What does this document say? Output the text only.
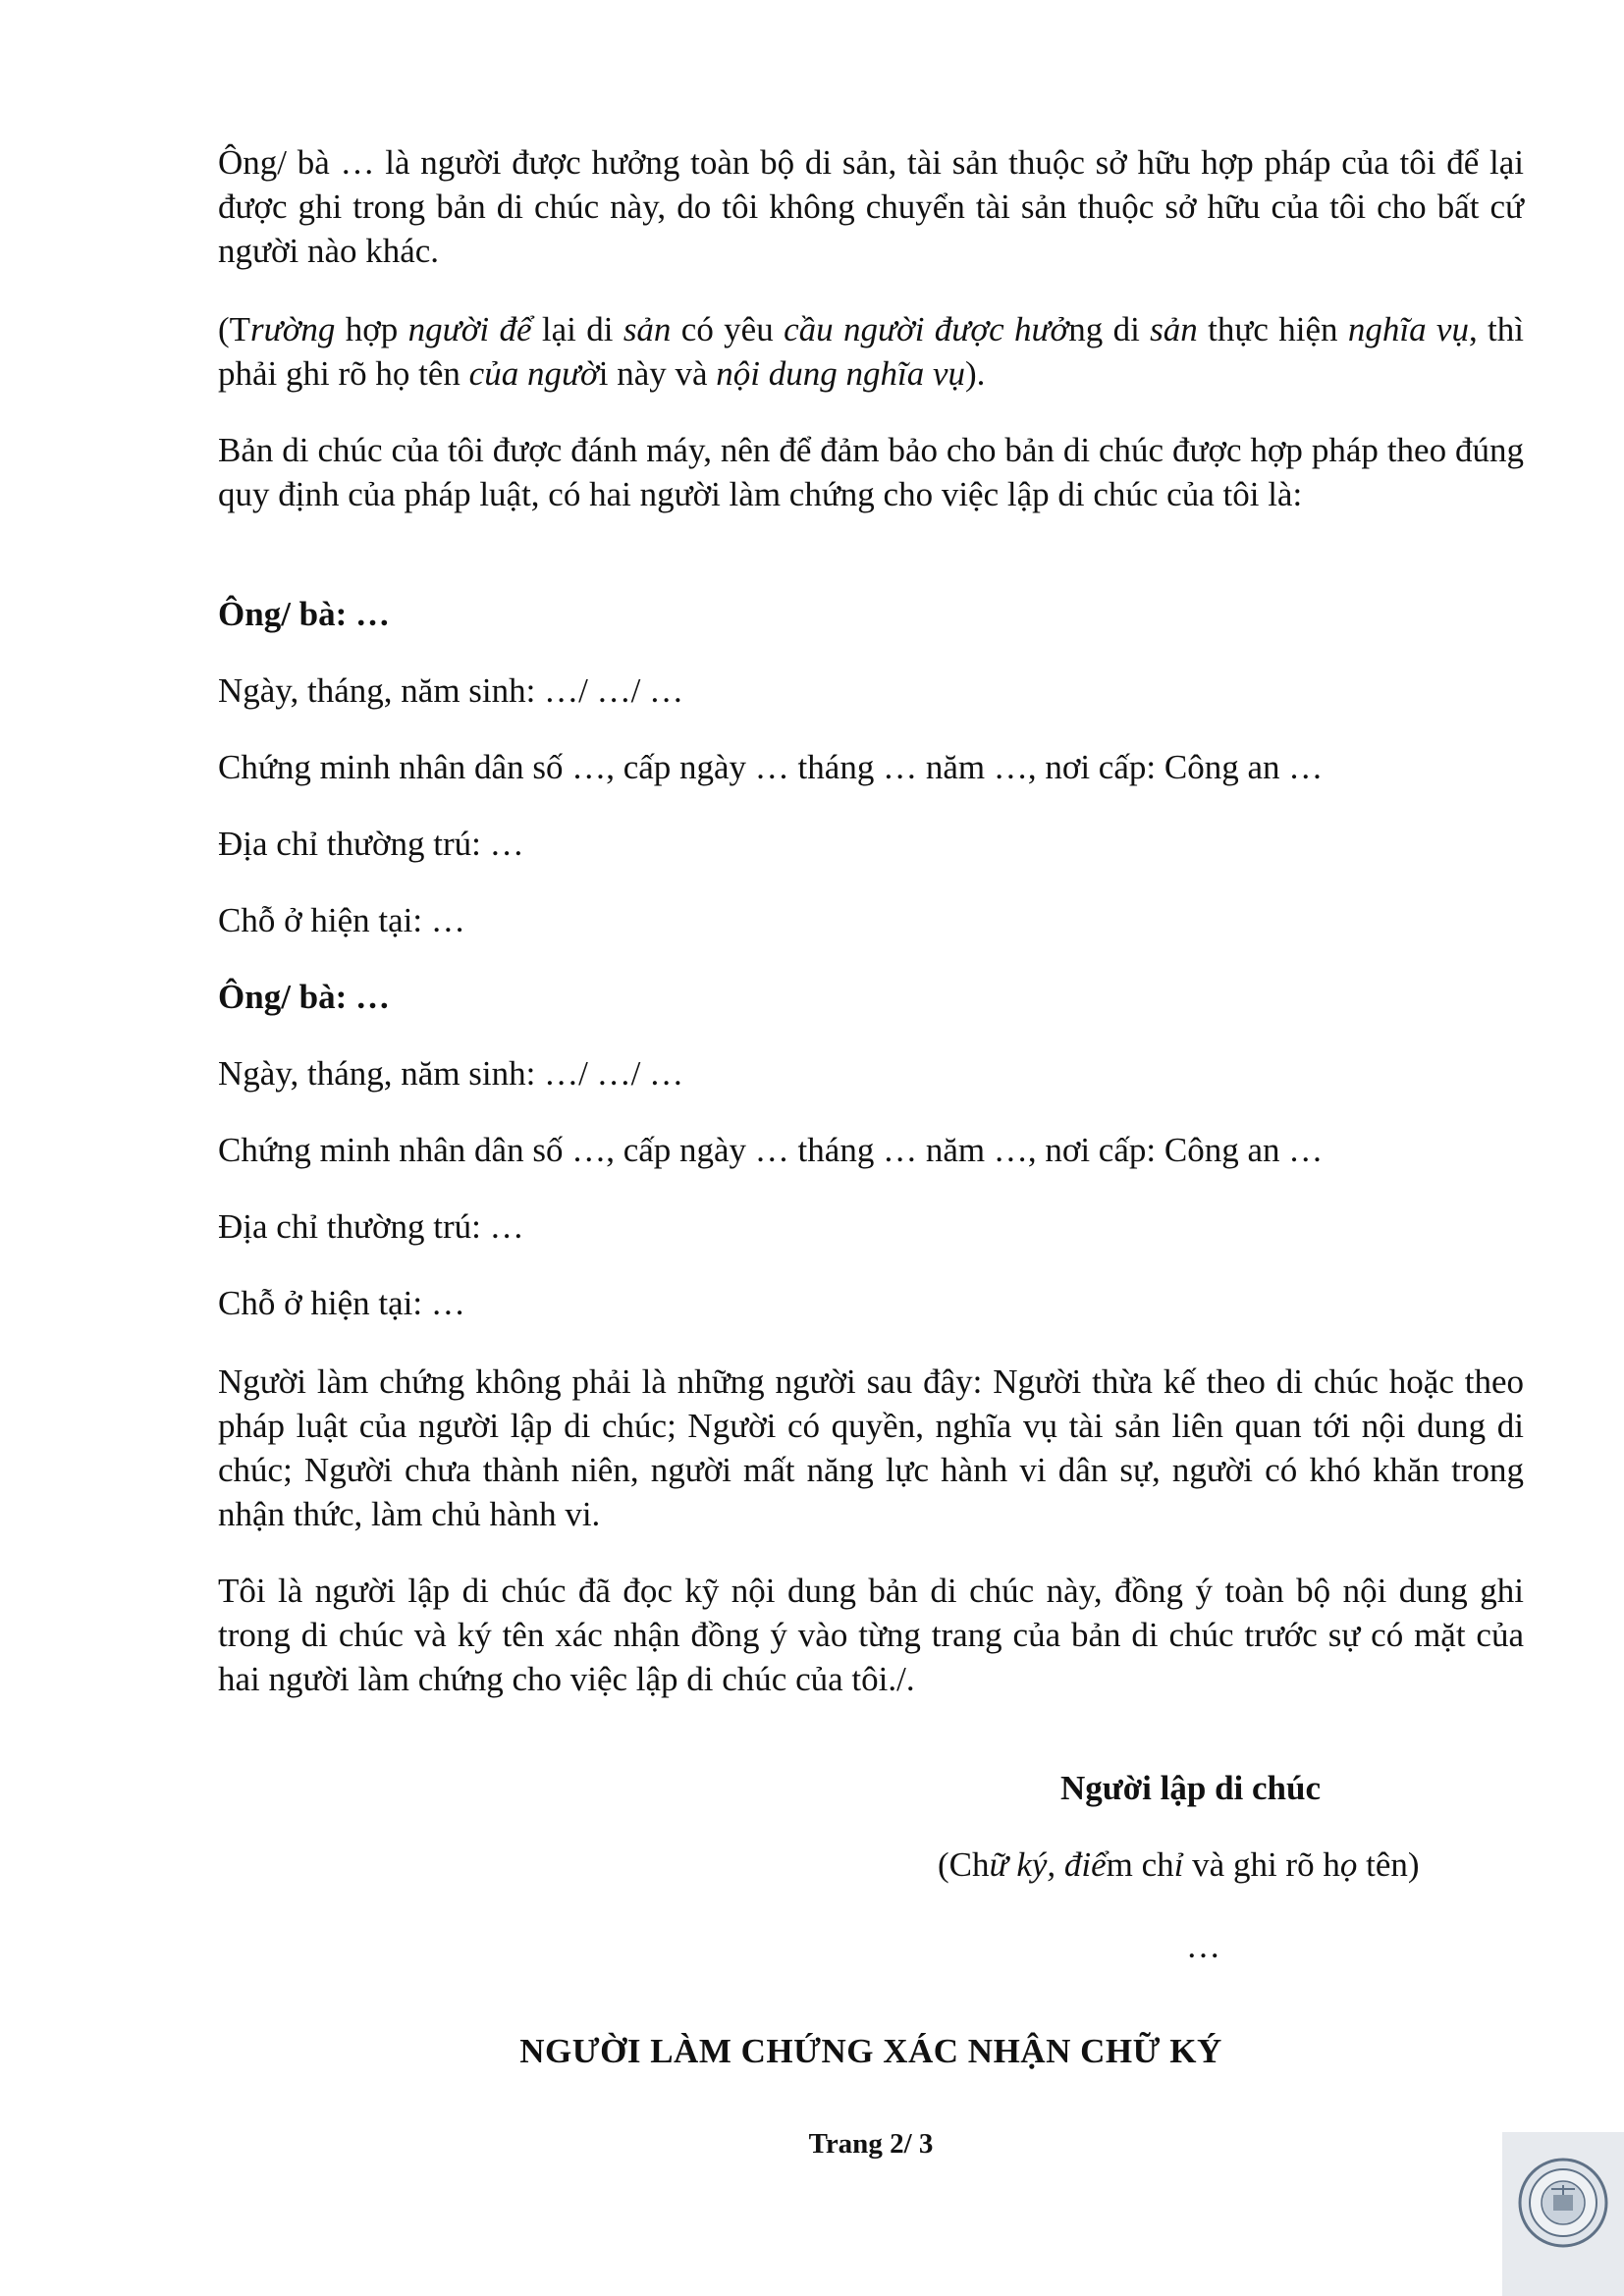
Ông/ bà … là người được hưởng toàn bộ di sản, tài sản thuộc sở hữu hợp pháp của tôi để lại được ghi trong bản di chúc này, do tôi không chuyển tài sản thuộc sở hữu của tôi cho bất cứ người nào khác.

(Trường hợp người để lại di sản có yêu cầu người được hưởng di sản thực hiện nghĩa vụ, thì phải ghi rõ họ tên của người này và nội dung nghĩa vụ).

Bản di chúc của tôi được đánh máy, nên để đảm bảo cho bản di chúc được hợp pháp theo đúng quy định của pháp luật, có hai người làm chứng cho việc lập di chúc của tôi là:

Ông/ bà: …

Ngày, tháng, năm sinh: …/ …/ …

Chứng minh nhân dân số …, cấp ngày … tháng … năm …, nơi cấp: Công an …

Địa chỉ thường trú: …

Chỗ ở hiện tại: …

Ông/ bà: …

Ngày, tháng, năm sinh: …/ …/ …

Chứng minh nhân dân số …, cấp ngày … tháng … năm …, nơi cấp: Công an …

Địa chỉ thường trú: …

Chỗ ở hiện tại: …

Người làm chứng không phải là những người sau đây: Người thừa kế theo di chúc hoặc theo pháp luật của người lập di chúc; Người có quyền, nghĩa vụ tài sản liên quan tới nội dung di chúc; Người chưa thành niên, người mất năng lực hành vi dân sự, người có khó khăn trong nhận thức, làm chủ hành vi.

Tôi là người lập di chúc đã đọc kỹ nội dung bản di chúc này, đồng ý toàn bộ nội dung ghi trong di chúc và ký tên xác nhận đồng ý vào từng trang của bản di chúc trước sự có mặt của hai người làm chứng cho việc lập di chúc của tôi./.

Người lập di chúc

(Chữ ký, điểm chỉ và ghi rõ họ tên)

…

NGƯỜI LÀM CHỨNG XÁC NHẬN CHỮ KÝ

Trang 2/ 3
